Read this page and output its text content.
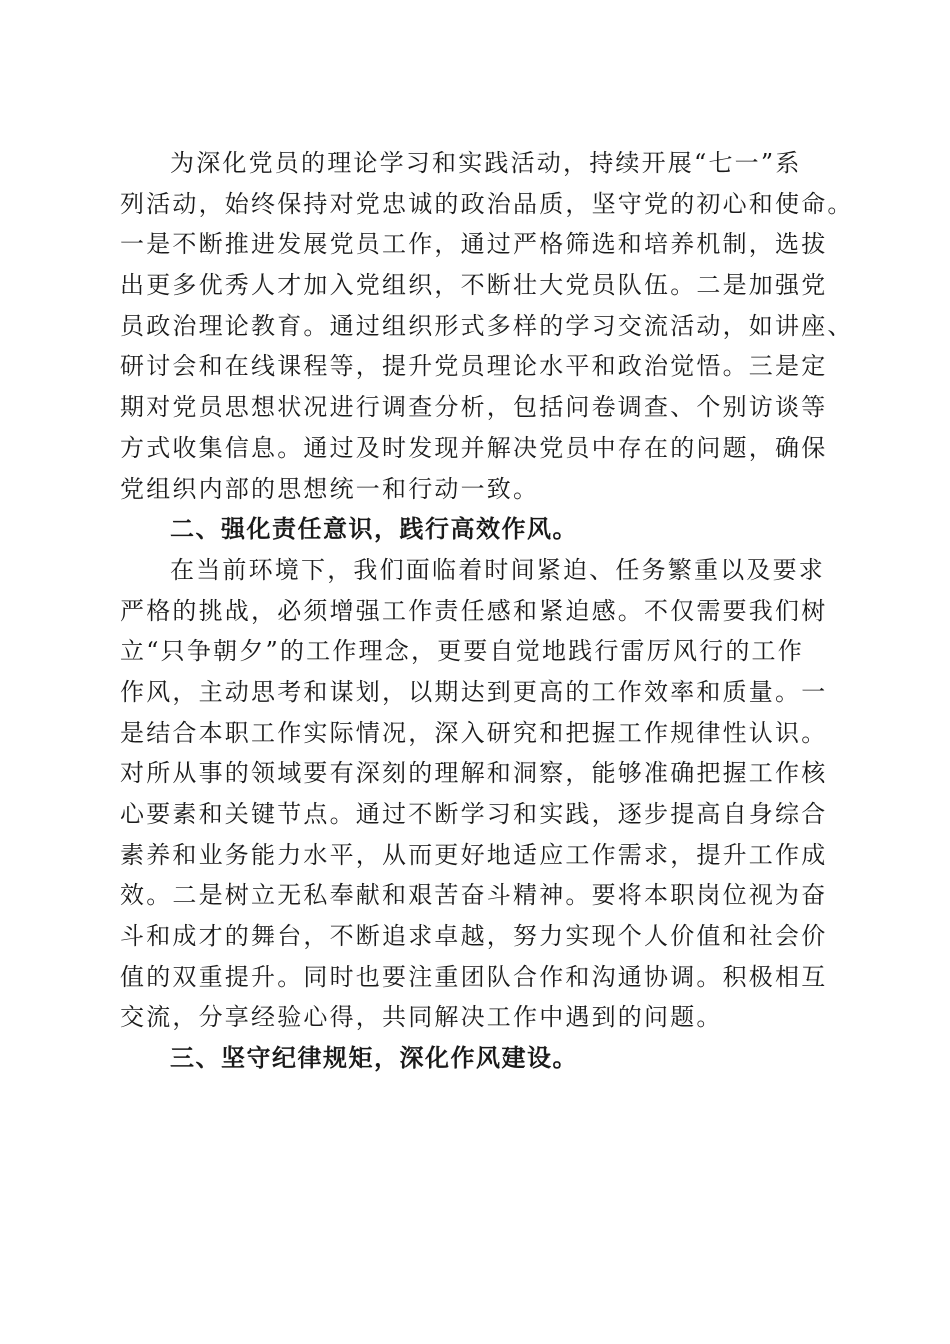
为深化党员的理论学习和实践活动，持续开展“七一”系
列活动，始终保持对党忠诚的政治品质，坚守党的初心和使命。
一是不断推进发展党员工作，通过严格筛选和培养机制，选拔
出更多优秀人才加入党组织，不断壮大党员队伍。二是加强党
员政治理论教育。通过组织形式多样的学习交流活动，如讲座、
研讨会和在线课程等，提升党员理论水平和政治觉悟。三是定
期对党员思想状况进行调查分析，包括问卷调查、个别访谈等
方式收集信息。通过及时发现并解决党员中存在的问题，确保
党组织内部的思想统一和行动一致。
二、强化责任意识，践行高效作风。
在当前环境下，我们面临着时间紧迫、任务繁重以及要求
严格的挑战，必须增强工作责任感和紧迫感。不仅需要我们树
立“只争朝夕”的工作理念，更要自觉地践行雷厉风行的工作
作风，主动思考和谋划，以期达到更高的工作效率和质量。一
是结合本职工作实际情况，深入研究和把握工作规律性认识。
对所从事的领域要有深刻的理解和洞察，能够准确把握工作核
心要素和关键节点。通过不断学习和实践，逐步提高自身综合
素养和业务能力水平，从而更好地适应工作需求，提升工作成
效。二是树立无私奉献和艰苦奋斗精神。要将本职岗位视为奋
斗和成才的舞台，不断追求卓越，努力实现个人价值和社会价
值的双重提升。同时也要注重团队合作和沟通协调。积极相互
交流，分享经验心得，共同解决工作中遇到的问题。
三、坚守纪律规矩，深化作风建设。
